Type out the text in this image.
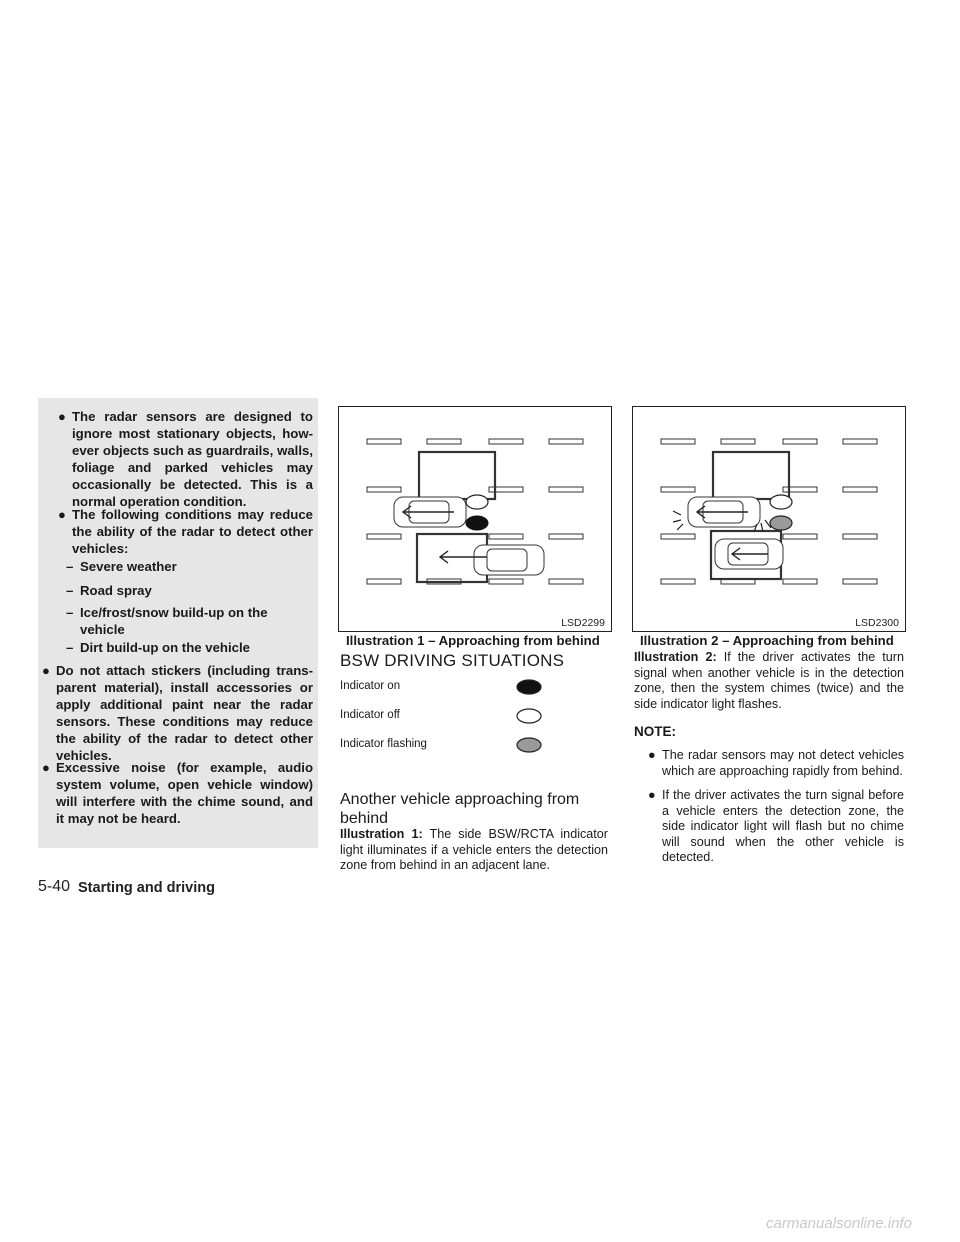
● The radar sensors are designed to ignore most stationary objects, how- ever objects such as guardrails, walls, foliage and parked vehicles may occasionally be detected. This is a normal operation condition.
● The following conditions may reduce the ability of the radar to detect other vehicles:
– Severe weather
– Road spray
– Ice/frost/snow build-up on the vehicle
– Dirt build-up on the vehicle
● Do not attach stickers (including trans- parent material), install accessories or apply additional paint near the radar sensors. These conditions may reduce the ability of the radar to detect other vehicles.
● Excessive noise (for example, audio system volume, open vehicle window) will interfere with the chime sound, and it may not be heard.
LSD2299
Illustration 1 – Approaching from behind
LSD2300
Illustration 2 – Approaching from behind
BSW DRIVING SITUATIONS
Indicator on
Indicator off
Indicator flashing
Another vehicle approaching from behind
Illustration 1: The side BSW/RCTA indicator light illuminates if a vehicle enters the detection zone from behind in an adjacent lane.
Illustration 2: If the driver activates the turn signal when another vehicle is in the detection zone, then the system chimes (twice) and the side indicator light flashes.
NOTE:
● The radar sensors may not detect vehicles which are approaching rapidly from behind.
● If the driver activates the turn signal before a vehicle enters the detection zone, the side indicator light will flash but no chime will sound when the other vehicle is detected.
5-40 Starting and driving
carmanualsonline.info
